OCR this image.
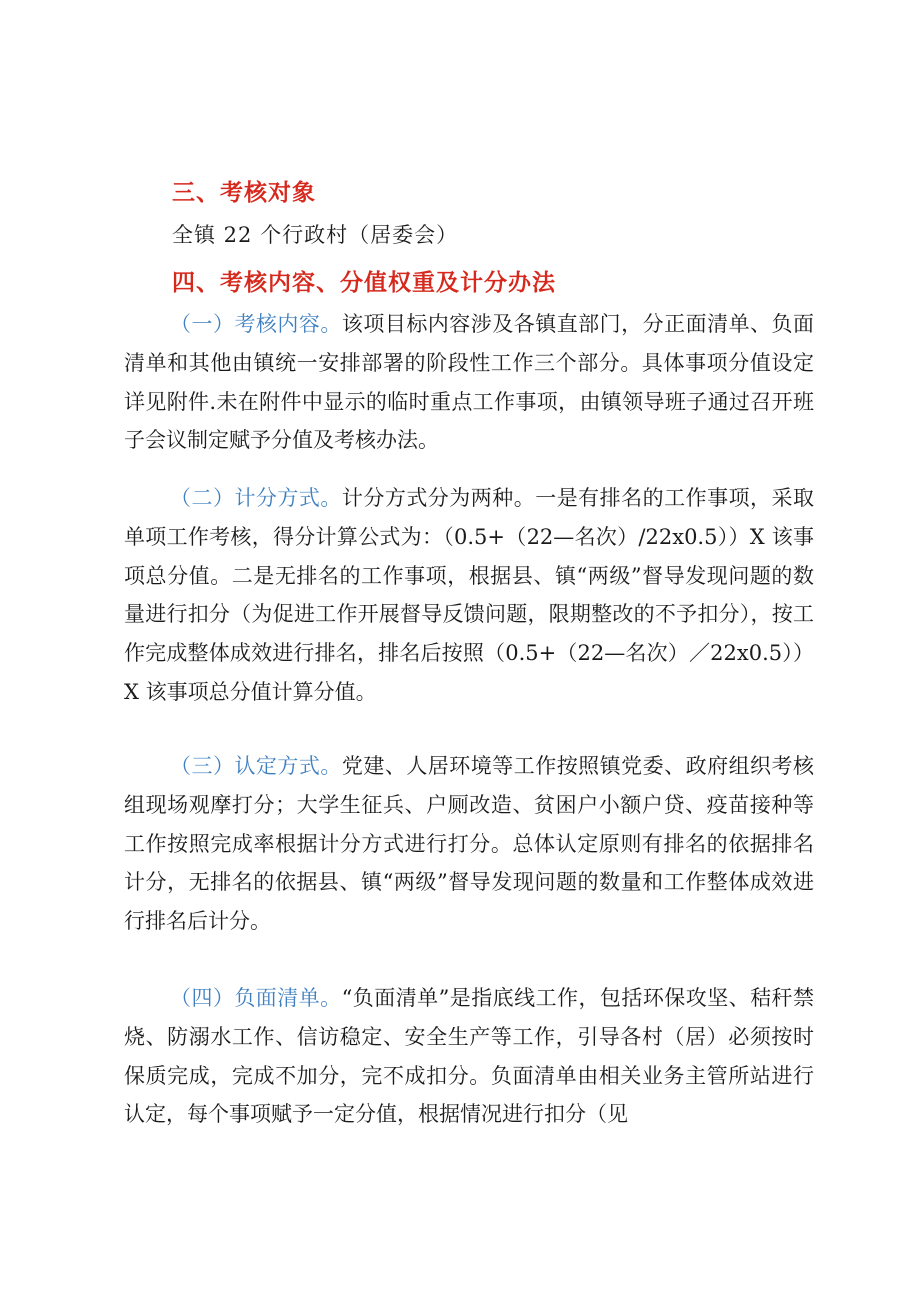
三、考核对象
全镇 22 个行政村（居委会）
四、考核内容、分值权重及计分办法
（一）考核内容。该项目标内容涉及各镇直部门，分正面清单、负面清单和其他由镇统一安排部署的阶段性工作三个部分。具体事项分值设定详见附件.未在附件中显示的临时重点工作事项，由镇领导班子通过召开班子会议制定赋予分值及考核办法。
（二）计分方式。计分方式分为两种。一是有排名的工作事项，采取单项工作考核，得分计算公式为：（0.5+（22—名次）/22x0.5））X 该事项总分值。二是无排名的工作事项，根据县、镇“两级”督导发现问题的数量进行扣分（为促进工作开展督导反馈问题，限期整改的不予扣分），按工作完成整体成效进行排名，排名后按照（0.5+（22—名次）／22x0.5））X 该事项总分值计算分值。
（三）认定方式。党建、人居环境等工作按照镇党委、政府组织考核组现场观摩打分；大学生征兵、户厕改造、贫困户小额户贷、疫苗接种等工作按照完成率根据计分方式进行打分。总体认定原则有排名的依据排名计分，无排名的依据县、镇“两级”督导发现问题的数量和工作整体成效进行排名后计分。
（四）负面清单。“负面清单”是指底线工作，包括环保攻坚、秸秆禁烧、防溺水工作、信访稳定、安全生产等工作，引导各村（居）必须按时保质完成，完成不加分，完不成扣分。负面清单由相关业务主管所站进行认定，每个事项赋予一定分值，根据情况进行扣分（见
